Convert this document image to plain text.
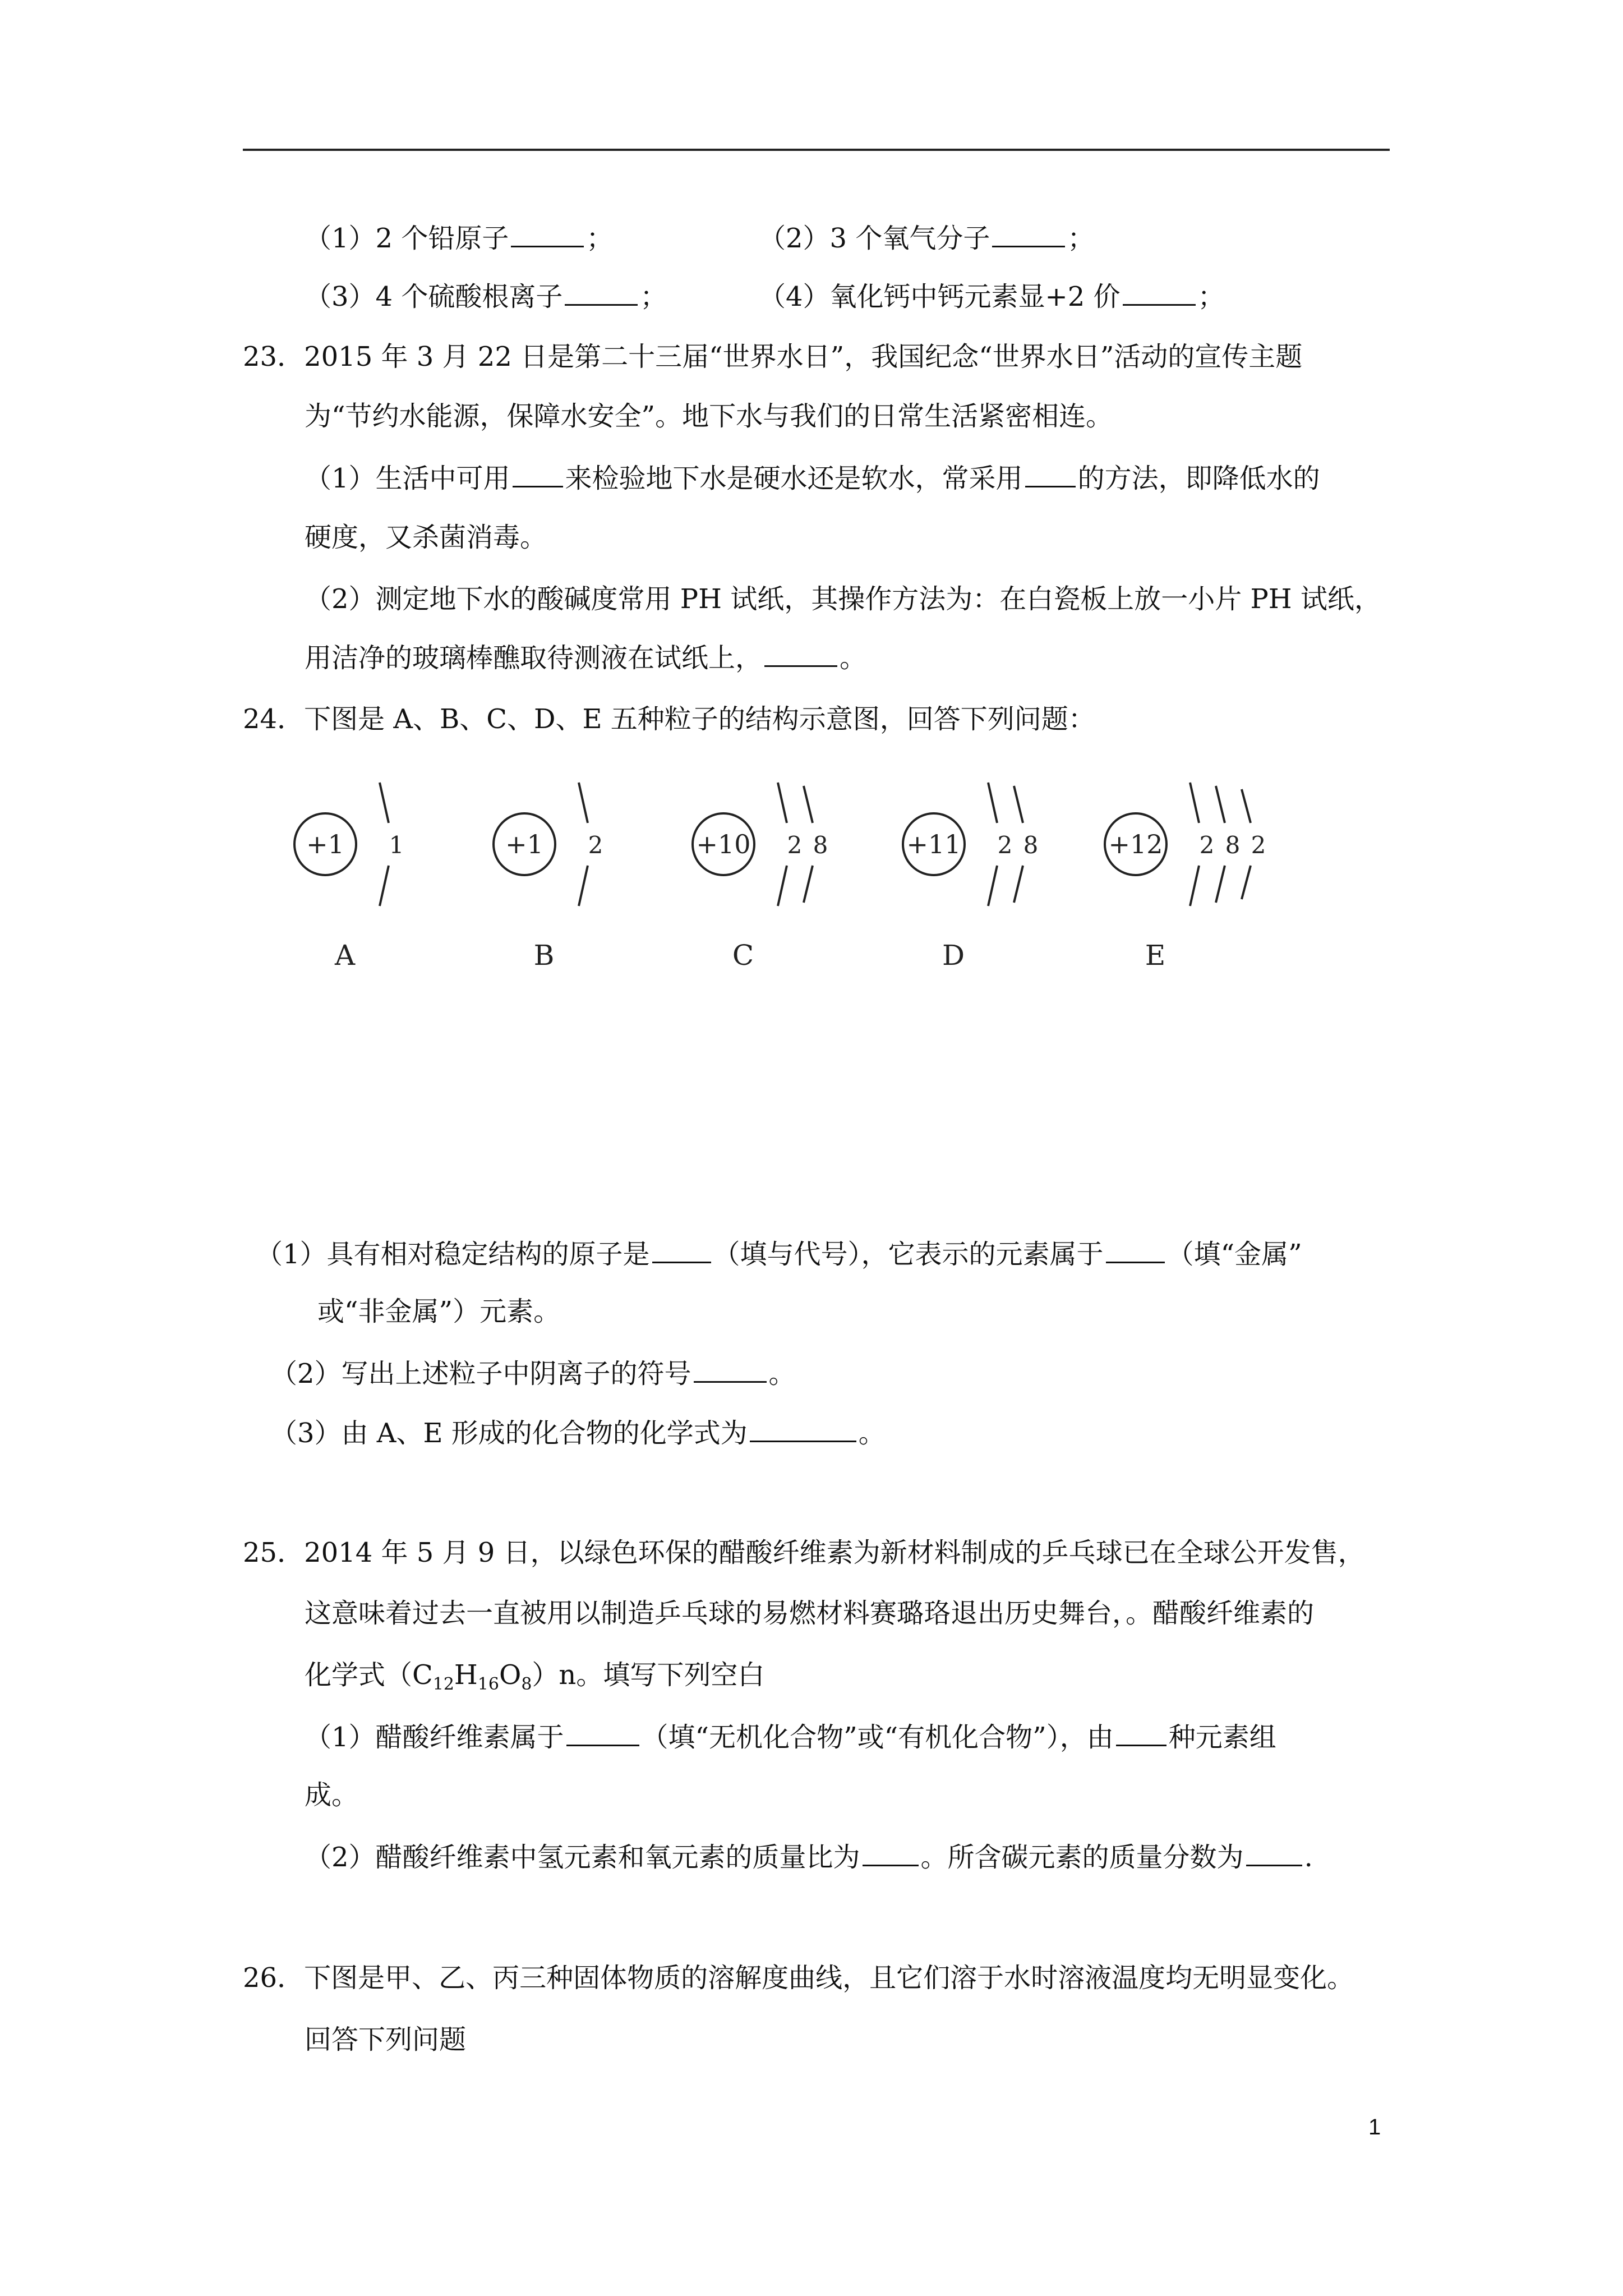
（1）2 个铅原子	；	（2）3 个氧气分子	；
（3）4 个硫酸根离子	；	（4）氧化钙中钙元素显+2 价	；
23．2015 年 3 月 22 日是第二十三届“世界水日”，我国纪念“世界水日”活动的宣传主题
为“节约水能源，保障水安全”。地下水与我们的日常生活紧密相连。
（1）生活中可用 来检验地下水是硬水还是软水，常采用 的方法，即降低水的
硬度，又杀菌消毒。
（2）测定地下水的酸碱度常用 PH 试纸，其操作方法为：在白瓷板上放一小片 PH 试纸，
用洁净的玻璃棒醮取待测液在试纸上，	。
24．下图是 A、B、C、D、E 五种粒子的结构示意图，回答下列问题：
+1 1
A
+1 2
B
+10 2 8
C
+11 2 8
D
+12 2 8 2
E
（1）具有相对稳定结构的原子是 （填与代号），它表示的元素属于 （填“金属”
或“非金属”）元素。
（2）写出上述粒子中阴离子的符号	。
（3）由 A、E 形成的化合物的化学式为	。
25．2014 年 5 月 9 日，以绿色环保的醋酸纤维素为新材料制成的乒乓球已在全球公开发售，
这意味着过去一直被用以制造乒乓球的易燃材料赛璐珞退出历史舞台，。醋酸纤维素的
化学式$(C_{12}H_{16}O_8)n$。填写下列空白
（1）醋酸纤维素属于	（填“无机化合物”或“有机化合物”），由 种元素组
成。
（2）醋酸纤维素中氢元素和氧元素的质量比为 。所含碳元素的质量分数为 .
26．下图是甲、乙、丙三种固体物质的溶解度曲线，且它们溶于水时溶液温度均无明显变化。
回答下列问题
1
